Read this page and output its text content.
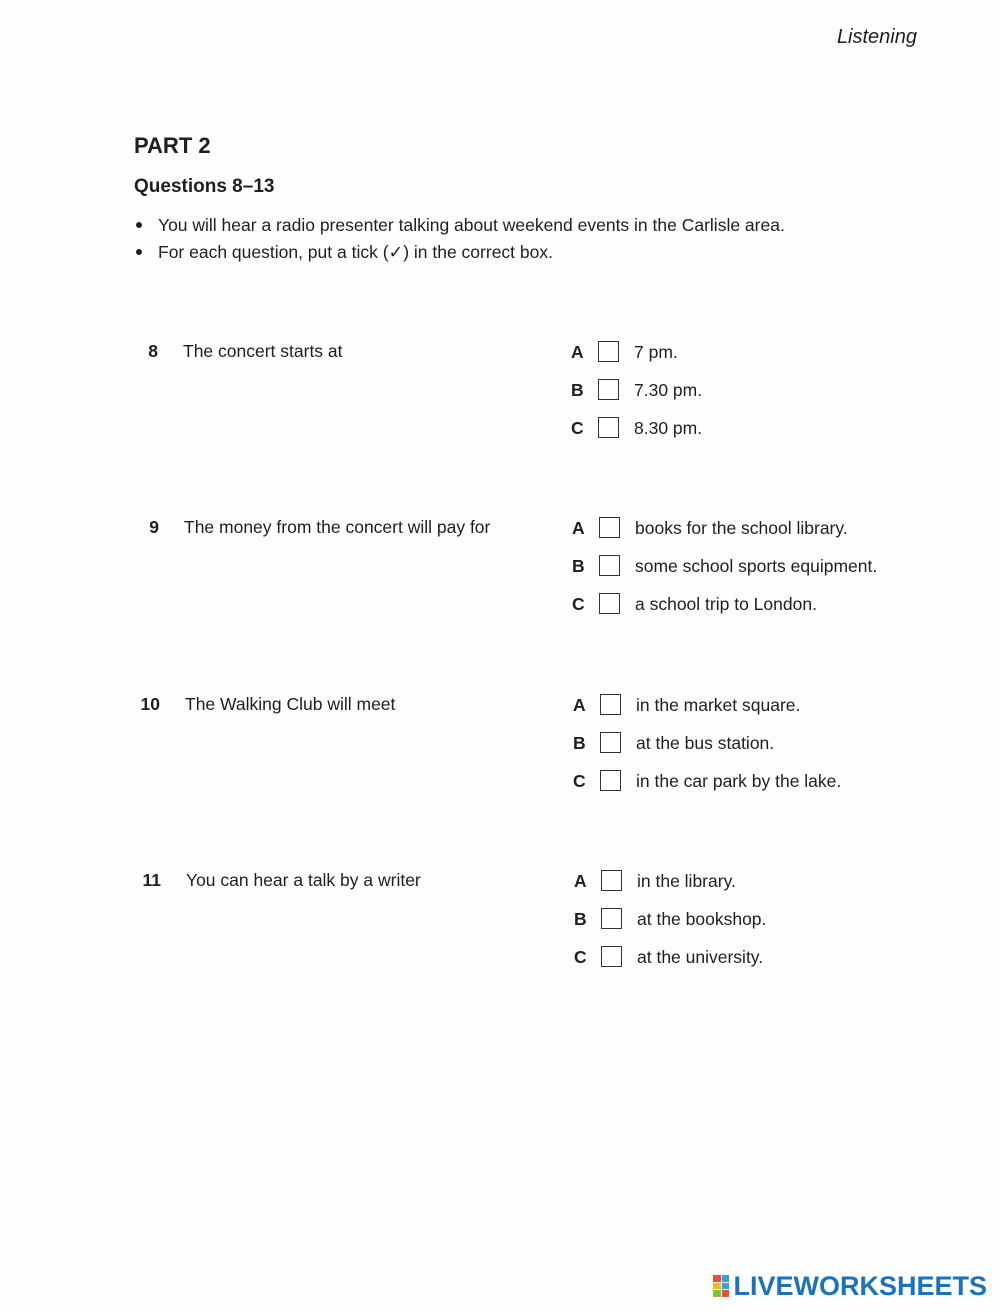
Listening
PART 2
Questions 8–13
You will hear a radio presenter talking about weekend events in the Carlisle area.
For each question, put a tick (✓) in the correct box.
8 The concert starts at	A	7 pm.
B	7.30 pm.
C	8.30 pm.
9 The money from the concert will pay for	A	books for the school library.
B	some school sports equipment.
C	a school trip to London.
10 The Walking Club will meet	A	in the market square.
B	at the bus station.
C	in the car park by the lake.
11 You can hear a talk by a writer	A	in the library.
B	at the bookshop.
C	at the university.
LIVEWORKSHEETS
